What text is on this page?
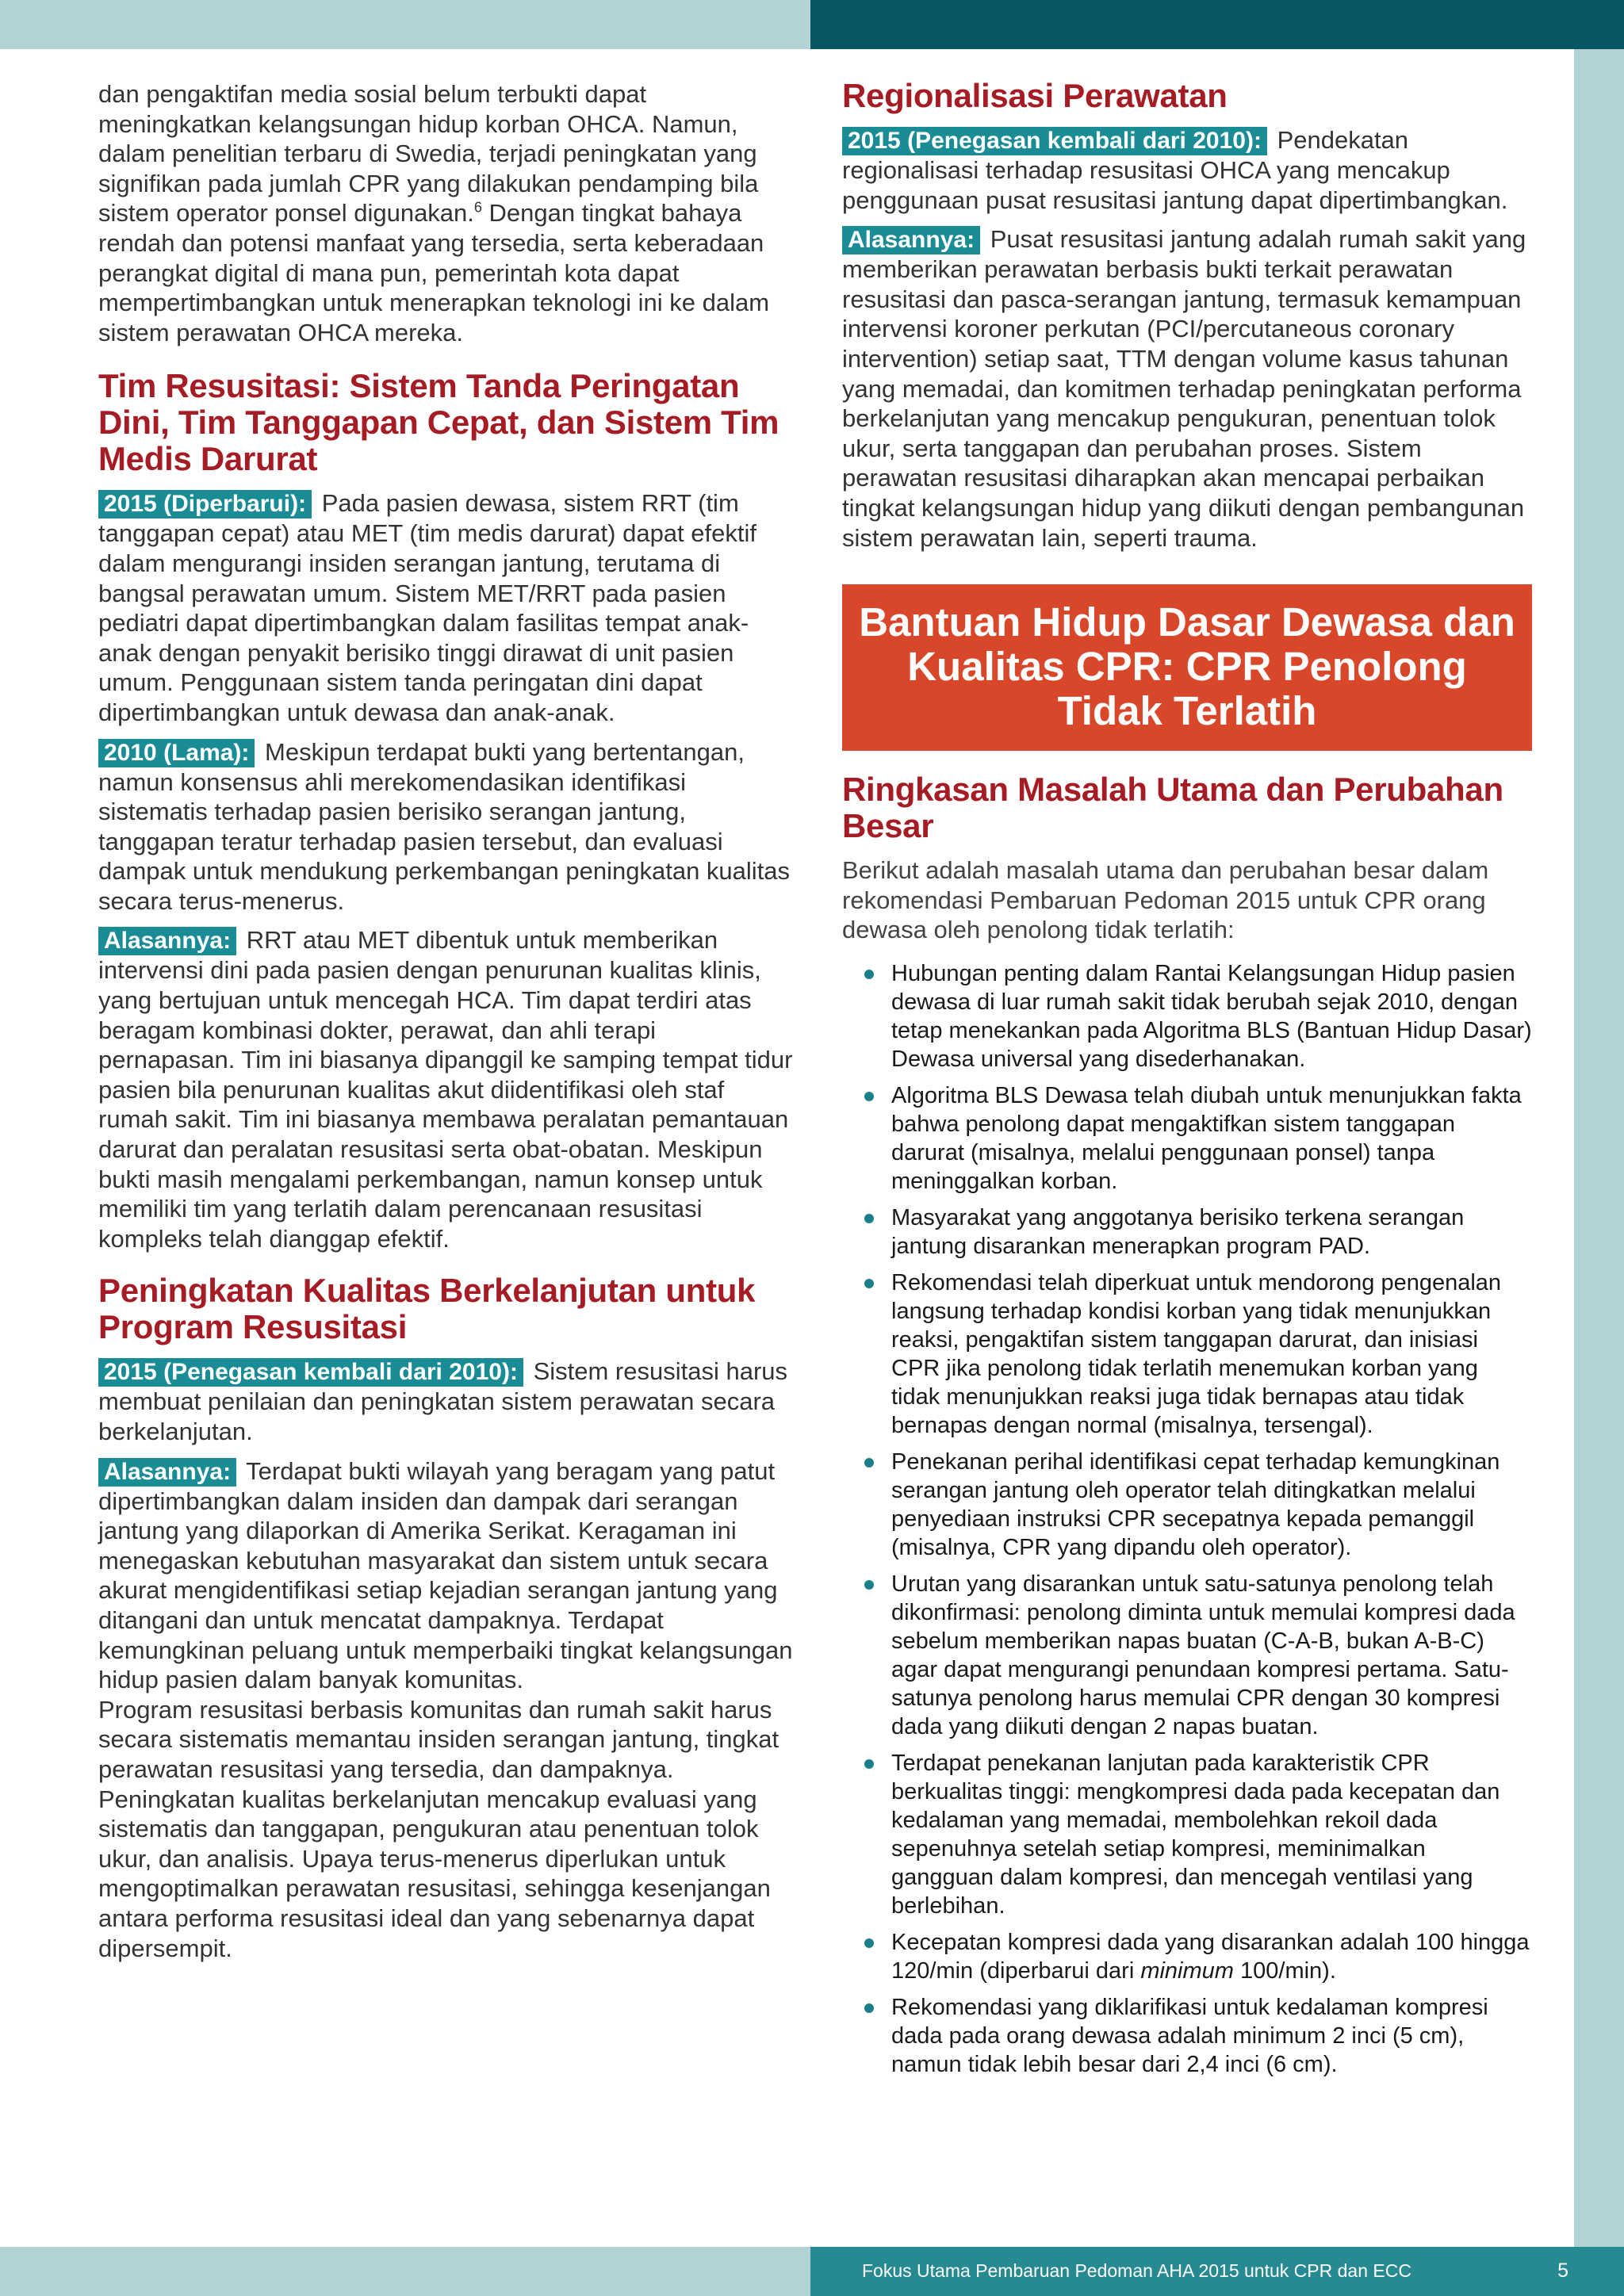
dan pengaktifan media sosial belum terbukti dapat meningkatkan kelangsungan hidup korban OHCA. Namun, dalam penelitian terbaru di Swedia, terjadi peningkatan yang signifikan pada jumlah CPR yang dilakukan pendamping bila sistem operator ponsel digunakan.$^6$ Dengan tingkat bahaya rendah dan potensi manfaat yang tersedia, serta keberadaan perangkat digital di mana pun, pemerintah kota dapat mempertimbangkan untuk menerapkan teknologi ini ke dalam sistem perawatan OHCA mereka.

Tim Resusitasi: Sistem Tanda Peringatan Dini, Tim Tanggapan Cepat, dan Sistem Tim Medis Darurat

2015 (Diperbarui): Pada pasien dewasa, sistem RRT (tim tanggapan cepat) atau MET (tim medis darurat) dapat efektif dalam mengurangi insiden serangan jantung, terutama di bangsal perawatan umum. Sistem MET/RRT pada pasien pediatri dapat dipertimbangkan dalam fasilitas tempat anak-anak dengan penyakit berisiko tinggi dirawat di unit pasien umum. Penggunaan sistem tanda peringatan dini dapat dipertimbangkan untuk dewasa dan anak-anak.

2010 (Lama): Meskipun terdapat bukti yang bertentangan, namun konsensus ahli merekomendasikan identifikasi sistematis terhadap pasien berisiko serangan jantung, tanggapan teratur terhadap pasien tersebut, dan evaluasi dampak untuk mendukung perkembangan peningkatan kualitas secara terus-menerus.

Alasannya: RRT atau MET dibentuk untuk memberikan intervensi dini pada pasien dengan penurunan kualitas klinis, yang bertujuan untuk mencegah HCA. Tim dapat terdiri atas beragam kombinasi dokter, perawat, dan ahli terapi pernapasan. Tim ini biasanya dipanggil ke samping tempat tidur pasien bila penurunan kualitas akut diidentifikasi oleh staf rumah sakit. Tim ini biasanya membawa peralatan pemantauan darurat dan peralatan resusitasi serta obat-obatan. Meskipun bukti masih mengalami perkembangan, namun konsep untuk memiliki tim yang terlatih dalam perencanaan resusitasi kompleks telah dianggap efektif.

Peningkatan Kualitas Berkelanjutan untuk Program Resusitasi

2015 (Penegasan kembali dari 2010): Sistem resusitasi harus membuat penilaian dan peningkatan sistem perawatan secara berkelanjutan.

Alasannya: Terdapat bukti wilayah yang beragam yang patut dipertimbangkan dalam insiden dan dampak dari serangan jantung yang dilaporkan di Amerika Serikat. Keragaman ini menegaskan kebutuhan masyarakat dan sistem untuk secara akurat mengidentifikasi setiap kejadian serangan jantung yang ditangani dan untuk mencatat dampaknya. Terdapat kemungkinan peluang untuk memperbaiki tingkat kelangsungan hidup pasien dalam banyak komunitas.

Program resusitasi berbasis komunitas dan rumah sakit harus secara sistematis memantau insiden serangan jantung, tingkat perawatan resusitasi yang tersedia, dan dampaknya. Peningkatan kualitas berkelanjutan mencakup evaluasi yang sistematis dan tanggapan, pengukuran atau penentuan tolok ukur, dan analisis. Upaya terus-menerus diperlukan untuk mengoptimalkan perawatan resusitasi, sehingga kesenjangan antara performa resusitasi ideal dan yang sebenarnya dapat dipersempit.

Regionalisasi Perawatan

2015 (Penegasan kembali dari 2010): Pendekatan regionalisasi terhadap resusitasi OHCA yang mencakup penggunaan pusat resusitasi jantung dapat dipertimbangkan.

Alasannya: Pusat resusitasi jantung adalah rumah sakit yang memberikan perawatan berbasis bukti terkait perawatan resusitasi dan pasca-serangan jantung, termasuk kemampuan intervensi koroner perkutan (PCI/percutaneous coronary intervention) setiap saat, TTM dengan volume kasus tahunan yang memadai, dan komitmen terhadap peningkatan performa berkelanjutan yang mencakup pengukuran, penentuan tolok ukur, serta tanggapan dan perubahan proses. Sistem perawatan resusitasi diharapkan akan mencapai perbaikan tingkat kelangsungan hidup yang diikuti dengan pembangunan sistem perawatan lain, seperti trauma.

Bantuan Hidup Dasar Dewasa dan Kualitas CPR: CPR Penolong Tidak Terlatih
Ringkasan Masalah Utama dan Perubahan Besar

Berikut adalah masalah utama dan perubahan besar dalam rekomendasi Pembaruan Pedoman 2015 untuk CPR orang dewasa oleh penolong tidak terlatih:

Hubungan penting dalam Rantai Kelangsungan Hidup pasien dewasa di luar rumah sakit tidak berubah sejak 2010, dengan tetap menekankan pada Algoritma BLS (Bantuan Hidup Dasar) Dewasa universal yang disederhanakan.
Algoritma BLS Dewasa telah diubah untuk menunjukkan fakta bahwa penolong dapat mengaktifkan sistem tanggapan darurat (misalnya, melalui penggunaan ponsel) tanpa meninggalkan korban.
Masyarakat yang anggotanya berisiko terkena serangan jantung disarankan menerapkan program PAD.
Rekomendasi telah diperkuat untuk mendorong pengenalan langsung terhadap kondisi korban yang tidak menunjukkan reaksi, pengaktifan sistem tanggapan darurat, dan inisiasi CPR jika penolong tidak terlatih menemukan korban yang tidak menunjukkan reaksi juga tidak bernapas atau tidak bernapas dengan normal (misalnya, tersengal).
Penekanan perihal identifikasi cepat terhadap kemungkinan serangan jantung oleh operator telah ditingkatkan melalui penyediaan instruksi CPR secepatnya kepada pemanggil (misalnya, CPR yang dipandu oleh operator).
Urutan yang disarankan untuk satu-satunya penolong telah dikonfirmasi: penolong diminta untuk memulai kompresi dada sebelum memberikan napas buatan (C-A-B, bukan A-B-C) agar dapat mengurangi penundaan kompresi pertama. Satu-satunya penolong harus memulai CPR dengan 30 kompresi dada yang diikuti dengan 2 napas buatan.
Terdapat penekanan lanjutan pada karakteristik CPR berkualitas tinggi: mengkompresi dada pada kecepatan dan kedalaman yang memadai, membolehkan rekoil dada sepenuhnya setelah setiap kompresi, meminimalkan gangguan dalam kompresi, dan mencegah ventilasi yang berlebihan.
Kecepatan kompresi dada yang disarankan adalah 100 hingga 120/min (diperbarui dari minimum 100/min).
Rekomendasi yang diklarifikasi untuk kedalaman kompresi dada pada orang dewasa adalah minimum 2 inci (5 cm), namun tidak lebih besar dari 2,4 inci (6 cm).
Fokus Utama Pembaruan Pedoman AHA 2015 untuk CPR dan ECC	5
